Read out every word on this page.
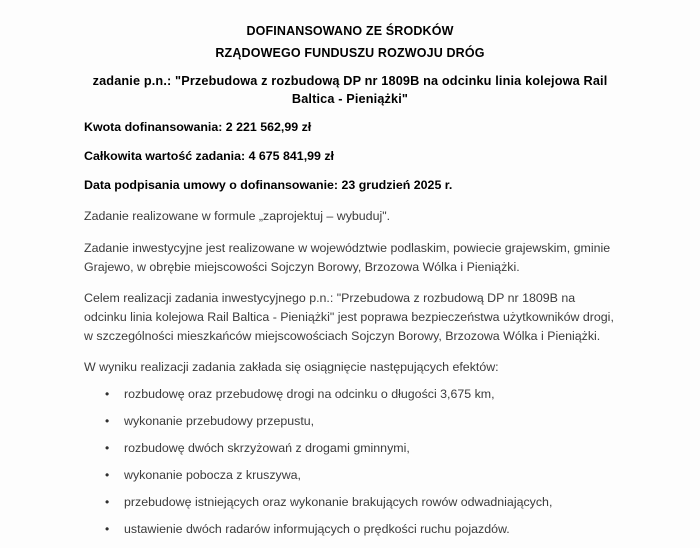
DOFINANSOWANO ZE ŚRODKÓW
RZĄDOWEGO FUNDUSZU ROZWOJU DRÓG
zadanie p.n.: "Przebudowa z rozbudową DP nr 1809B na odcinku linia kolejowa Rail Baltica - Pieniążki"
Kwota dofinansowania: 2 221 562,99 zł
Całkowita wartość zadania: 4 675 841,99 zł
Data podpisania umowy o dofinansowanie: 23 grudzień 2025 r.

Zadanie realizowane w formule „zaprojektuj – wybuduj".

Zadanie inwestycyjne jest realizowane w województwie podlaskim, powiecie grajewskim, gminie Grajewo, w obrębie miejscowości Sojczyn Borowy, Brzozowa Wólka i Pieniążki.

Celem realizacji zadania inwestycyjnego p.n.: "Przebudowa z rozbudową DP nr 1809B na odcinku linia kolejowa Rail Baltica - Pieniążki" jest poprawa bezpieczeństwa użytkowników drogi, w szczególności mieszkańców miejscowościach Sojczyn Borowy, Brzozowa Wólka i Pieniążki.

W wyniku realizacji zadania zakłada się osiągnięcie następujących efektów:

• rozbudowę oraz przebudowę drogi na odcinku o długości 3,675 km,
• wykonanie przebudowy przepustu,
• rozbudowę dwóch skrzyżowań z drogami gminnymi,
• wykonanie pobocza z kruszywa,
• przebudowę istniejących oraz wykonanie brakujących rowów odwadniających,
• ustawienie dwóch radarów informujących o prędkości ruchu pojazdów.
